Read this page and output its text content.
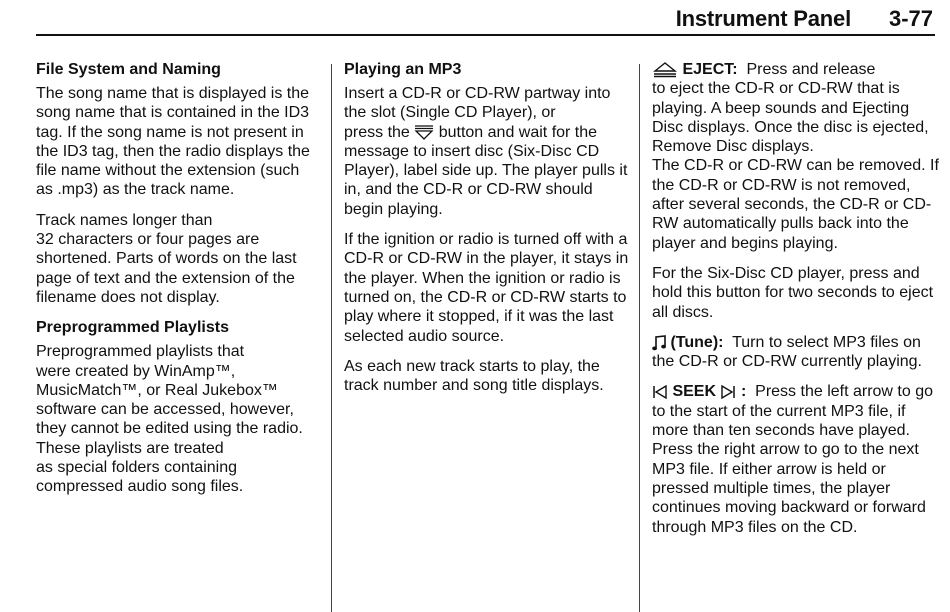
Instrument Panel 3-77
File System and Naming

The song name that is displayed is the song name that is contained in the ID3 tag. If the song name is not present in the ID3 tag, then the radio displays the file name without the extension (such as .mp3) as the track name.

Track names longer than
32 characters or four pages are shortened. Parts of words on the last page of text and the extension of the filename does not display.

Preprogrammed Playlists

Preprogrammed playlists that
were created by WinAmp™,
MusicMatch™, or Real Jukebox™ software can be accessed, however, they cannot be edited using the radio. These playlists are treated
as special folders containing compressed audio song files.

Playing an MP3

Insert a CD-R or CD-RW partway into the slot (Single CD Player), or
press the button and wait for the message to insert disc (Six-Disc CD Player), label side up. The player pulls it in, and the CD-R or CD-RW should begin playing.

If the ignition or radio is turned off with a CD-R or CD-RW in the player, it stays in the player. When the ignition or radio is turned on, the CD-R or CD-RW starts to play where it stopped, if it was the last selected audio source.

As each new track starts to play, the track number and song title displays.

EJECT: Press and release
to eject the CD-R or CD-RW that is playing. A beep sounds and Ejecting Disc displays. Once the disc is ejected, Remove Disc displays.
The CD-R or CD-RW can be removed. If the CD-R or CD-RW is not removed, after several seconds, the CD-R or CD-RW automatically pulls back into the player and begins playing.

For the Six-Disc CD player, press and hold this button for two seconds to eject all discs.

(Tune): Turn to select MP3 files on the CD-R or CD-RW currently playing.

SEEK : Press the left arrow to go to the start of the current MP3 file, if more than ten seconds have played. Press the right arrow to go to the next MP3 file. If either arrow is held or pressed multiple times, the player continues moving backward or forward through MP3 files on the CD.
